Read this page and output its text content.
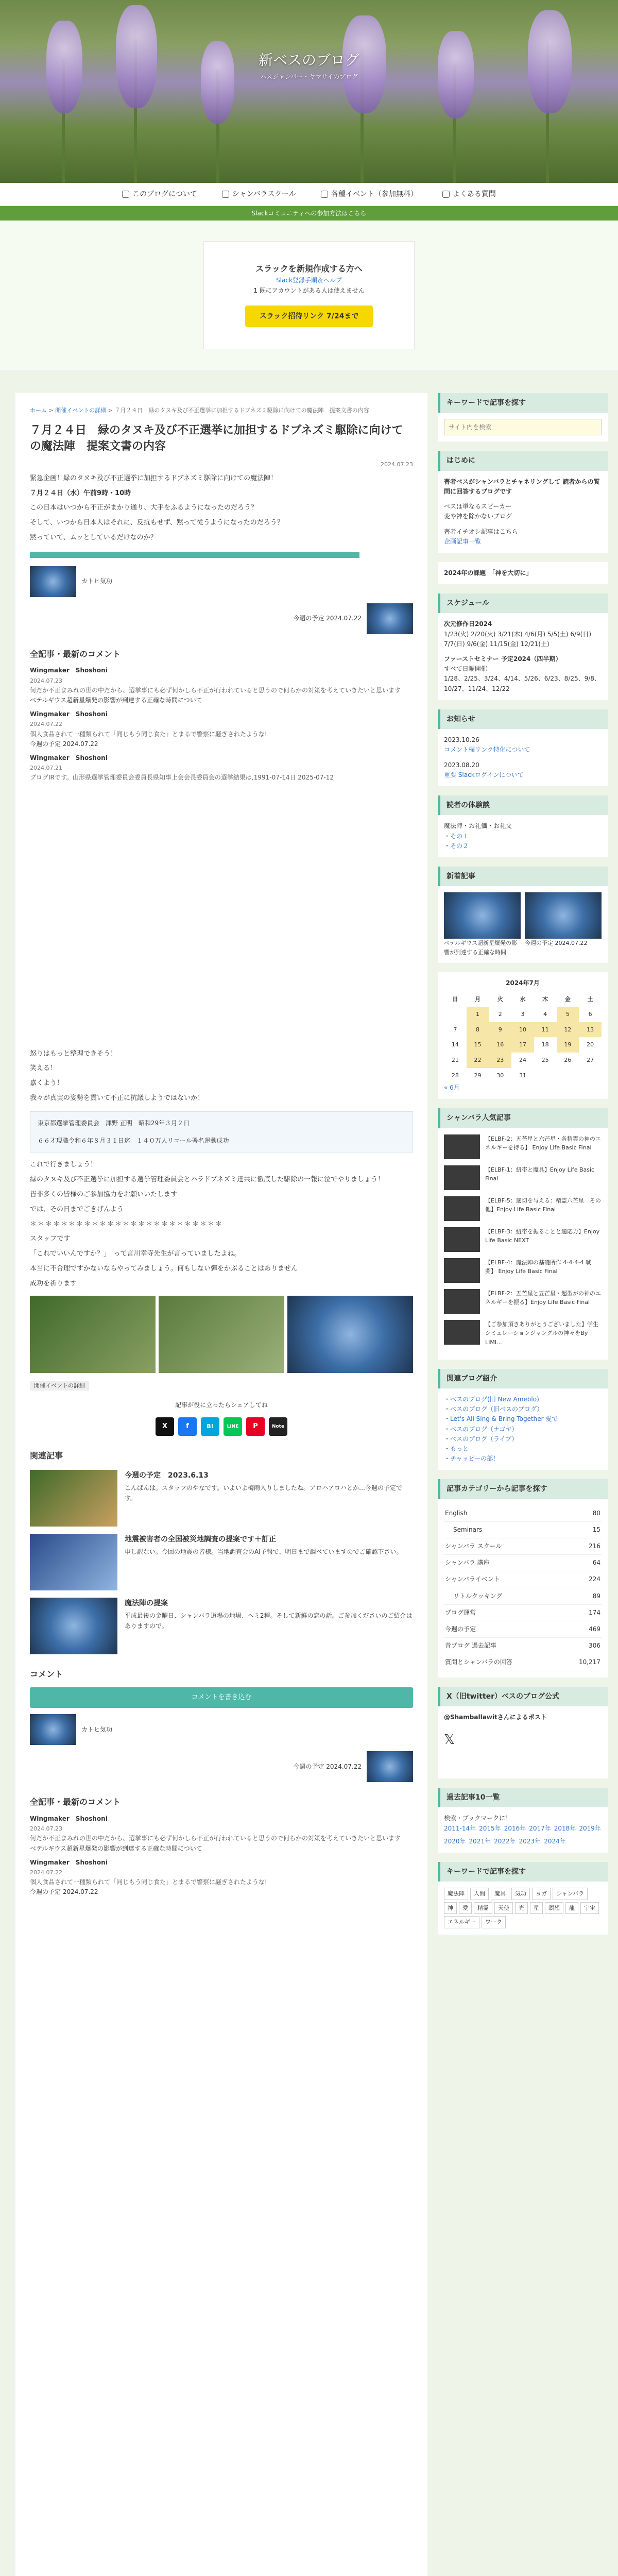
新ベスのブログ

バスジャンパー・ヤマサイのブログ

このブログについて	シャンバラスクール	各種イベント（参加無料）	よくある質問
Slackコミュニティへの参加方法はこちら
スラックを新規作成する方へ
Slack登録手順＆ヘルプ
1 既にアカウントがある人は使えません
スラック招待リンク 7/24まで
ホーム > 開催イベントの詳細 > ７月２４日　緑のタヌキ及び不正選挙に加担するドブネズミ駆除に向けての魔法陣　提案文書の内容
７月２４日　緑のタヌキ及び不正選挙に加担するドブネズミ駆除に向けての魔法陣　提案文書の内容
2024.07.23

緊急企画！緑のタヌキ及び不正選挙に加担するドブネズミ駆除に向けての魔法陣！

７月２４日（水）午前9時・10時

この日本はいつから不正がまかり通り、大手をふるようになったのだろう？

そして、いつから日本人はそれに、反抗もせず、黙って従うようになったのだろう？

黙っていて、ムッとしているだけなのか？

カトヒ気功
今週の予定 2024.07.22
全記事・最新のコメント
Wingmaker　Shoshoni
2024.07.23
何だか不正まみれの世の中だから、選挙事にも必ず何かしら不正が行われていると思うので何らかの対策を考えていきたいと思います
ベテルギウス超新星爆発の影響が到達する正確な時間について
Wingmaker　Shoshoni
2024.07.22
個人食品されて一種類られて「同じもう同じ食た」とまるで警察に騒ぎされたような!
今週の予定 2024.07.22
Wingmaker　Shoshoni
2024.07.21
ブログIRです。山形県選挙管理委員会委員長県知事上会会長委員会の選挙結果は,1991-07-14日 2025-07-12

怒りはもっと整理できそう！

笑える！

嘉くよう！

我々が真実の姿勢を貫いて不正に抗議しようではないか！

東京都選挙管理委員会　渾野 正明　昭和29年３月２日
６６才現職令和６年８月３１日迄　１４０万人リコール署名運動成功

これで行きましょう！

緑のタヌキ及び不正選挙に加担する選挙管理委員会とハラドブネズミ達共に徹底した駆除の一報に泣でやりましょう！

皆非多くの皆様のご参加協力をお願いいたします

では、その日までごきげんよう

＊＊＊＊＊＊＊＊＊＊＊＊＊＊＊＊＊＊＊＊＊＊＊＊＊

スタッフです

「これでいいんですか？」　って言川幸寺先生が言っていましたよね。

本当に不合理ですかないならやってみましょう。何もしない彈をかぶることはありません

成功を祈ります

開催イベントの詳細
記事が役に立ったらシェアしてね
X	f	B!	LINE	P	Note
関連記事
今週の予定　2023.6.13
こんばんは。スタッフのやなです。いよいよ梅雨入りしましたね。アロハアロハとか…今週の予定です。
地震被害者の全国被災地調査の提案です＋訂正
申し訳ない。今回の地震の皆様。当地調査会のAI予報で、明日まで調べていますのでご確認下さい。
魔法陣の提案
平成最後の金曜日、シャンバラ道場の地場、ヘミ2種。そして新鮮の恋の話。ご参加くださいのご紹介はありますので。
コメント
コメントを書き込む
カトヒ気功
今週の予定 2024.07.22
全記事・最新のコメント
Wingmaker　Shoshoni
2024.07.23
何だか不正まみれの世の中だから、選挙事にも必ず何かしら不正が行われていると思うので何らかの対策を考えていきたいと思います
ベテルギウス超新星爆発の影響が到達する正確な時間について
Wingmaker　Shoshoni
2024.07.22
個人食品されて一種類られて「同じもう同じ食た」とまるで警察に騒ぎされたような!
今週の予定 2024.07.22
キーワードで記事を探す
サイト内を検索
はじめに

著者ベスがシャンバラとチャネリングして 読者からの質問に回答するブログです

ベスは単なるスピーカー

変や神を除かないブログ

著者イチオシ記事はこちら

企画記事一覧
2024年の課題　「神を大切に」
スケジュール

次元修作日2024

1/23(火) 2/20(火) 3/21(木) 4/6(月) 5/5(土) 6/9(日) 7/7(日) 9/6(金) 11/15(金) 12/21(土)

ファーストセミナー 予定2024（四半期）

すべて日曜開催

1/28、2/25、3/24、4/14、5/26、6/23、8/25、9/8、10/27、11/24、12/22

お知らせ

2023.10.26

コメント欄リンク特化について

2023.08.20

重要 Slackログインについて
読者の体験談

魔法陣・お礼価・お礼文

・その１

・その２

新着記事
ベテルギウス超新星爆発の影響が到達する正確な時間
今週の予定 2024.07.22
2024年7月
日	月	火	水	木	金	土
	1	2	3	4	5	6
7	8	9	10	11	12	13
14	15	16	17	18	19	20
21	22	23	24	25	26	27
28	29	30	31			
« 6月
シャンバラ人気記事
【ELBF-2：五芒星と六芒星・各精霊の神のエネルギーを持る】 Enjoy Life Basic Final
【ELBF-1：紐帯と魔具】Enjoy Life Basic Final
【ELBF-5：適切を与える：精霊六芒星　その他】Enjoy Life Basic Final
【ELBF-3：紐帯を振ることと適応力】Enjoy Life Basic NEXT
【ELBF-4：魔法陣の基礎所作 4-4-4-4 戦闘】 Enjoy Life Basic Final
【ELBF-2：五芒星と五芒星・超型がの神のエネルギーを振る】Enjoy Life Basic Final
【ご参加頂きありがとうございました】学生シミュレーションジャングルの神々をBy LIMI...
関連ブログ紹介
・ベスのブログ(旧 New Ameblo)
・ベスのブログ（旧ベスのブログ）
・Let's All Sing & Bring Together 愛で
・ベスのブログ（ナゴヤ）
・ベスのブログ（ライブ）
・もっと
・チャッピーの部！
記事カテゴリーから記事を探す
English	80
Seminars	15
シャンバラ スクール	216
シャンバラ 講座	64
シャンバライベント	224
リトルクッキング	89
ブログ運営	174
今週の予定	469
昔ブログ 過去記事	306
質問とシャンバラの回答	10,217
X（旧twitter）ベスのブログ公式

@Shamballawitさんによるポスト

𝕏
過去記事10一覧

検索・ブックマークに！

2011-14年 2015年 2016年 2017年 2018年 2019年
2020年 2021年 2022年 2023年 2024年
キーワードで記事を探す
魔法陣	人間	魔具	気功	ヨガ	シャンバラ
神	愛	精霊	天使	光	星	瞑想	龍	宇宙
エネルギー	ワーク
